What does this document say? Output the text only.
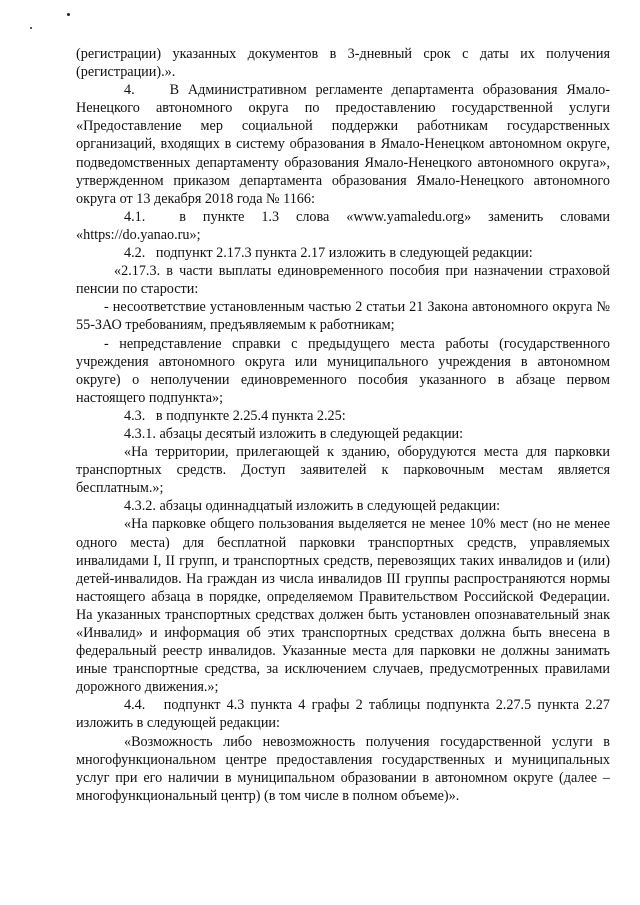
(регистрации) указанных документов в 3-дневный срок с даты их получения (регистрации).».

4.    В Административном регламенте департамента образования Ямало-Ненецкого автономного округа по предоставлению государственной услуги «Предоставление мер социальной поддержки работникам государственных организаций, входящих в систему образования в Ямало-Ненецком автономном округе, подведомственных департаменту образования Ямало-Ненецкого автономного округа», утвержденном приказом департамента образования Ямало-Ненецкого автономного округа от 13 декабря 2018 года № 1166:

4.1.  в пункте 1.3 слова «www.yamaledu.org» заменить словами «https://do.yanao.ru»;

4.2.   подпункт 2.17.3 пункта 2.17 изложить в следующей редакции:

«2.17.3. в части выплаты единовременного пособия при назначении страховой пенсии по старости:

- несоответствие установленным частью 2 статьи 21 Закона автономного округа № 55-ЗАО требованиям, предъявляемым к работникам;

- непредставление справки с предыдущего места работы (государственного учреждения автономного округа или муниципального учреждения в автономном округе) о неполучении единовременного пособия указанного в абзаце первом настоящего подпункта»;

4.3.   в подпункте 2.25.4 пункта 2.25:

4.3.1. абзацы десятый изложить в следующей редакции:

«На территории, прилегающей к зданию, оборудуются места для парковки транспортных средств. Доступ заявителей к парковочным местам является бесплатным.»;

4.3.2. абзацы одиннадцатый изложить в следующей редакции:

«На парковке общего пользования выделяется не менее 10% мест (но не менее одного места) для бесплатной парковки транспортных средств, управляемых инвалидами I, II групп, и транспортных средств, перевозящих таких инвалидов и (или) детей-инвалидов. На граждан из числа инвалидов III группы распространяются нормы настоящего абзаца в порядке, определяемом Правительством Российской Федерации. На указанных транспортных средствах должен быть установлен опознавательный знак «Инвалид» и информация об этих транспортных средствах должна быть внесена в федеральный реестр инвалидов. Указанные места для парковки не должны занимать иные транспортные средства, за исключением случаев, предусмотренных правилами дорожного движения.»;

4.4.   подпункт 4.3 пункта 4 графы 2 таблицы подпункта 2.27.5 пункта 2.27 изложить в следующей редакции:

«Возможность либо невозможность получения государственной услуги в многофункциональном центре предоставления государственных и муниципальных услуг при его наличии в муниципальном образовании в автономном округе (далее – многофункциональный центр) (в том числе в полном объеме)».
